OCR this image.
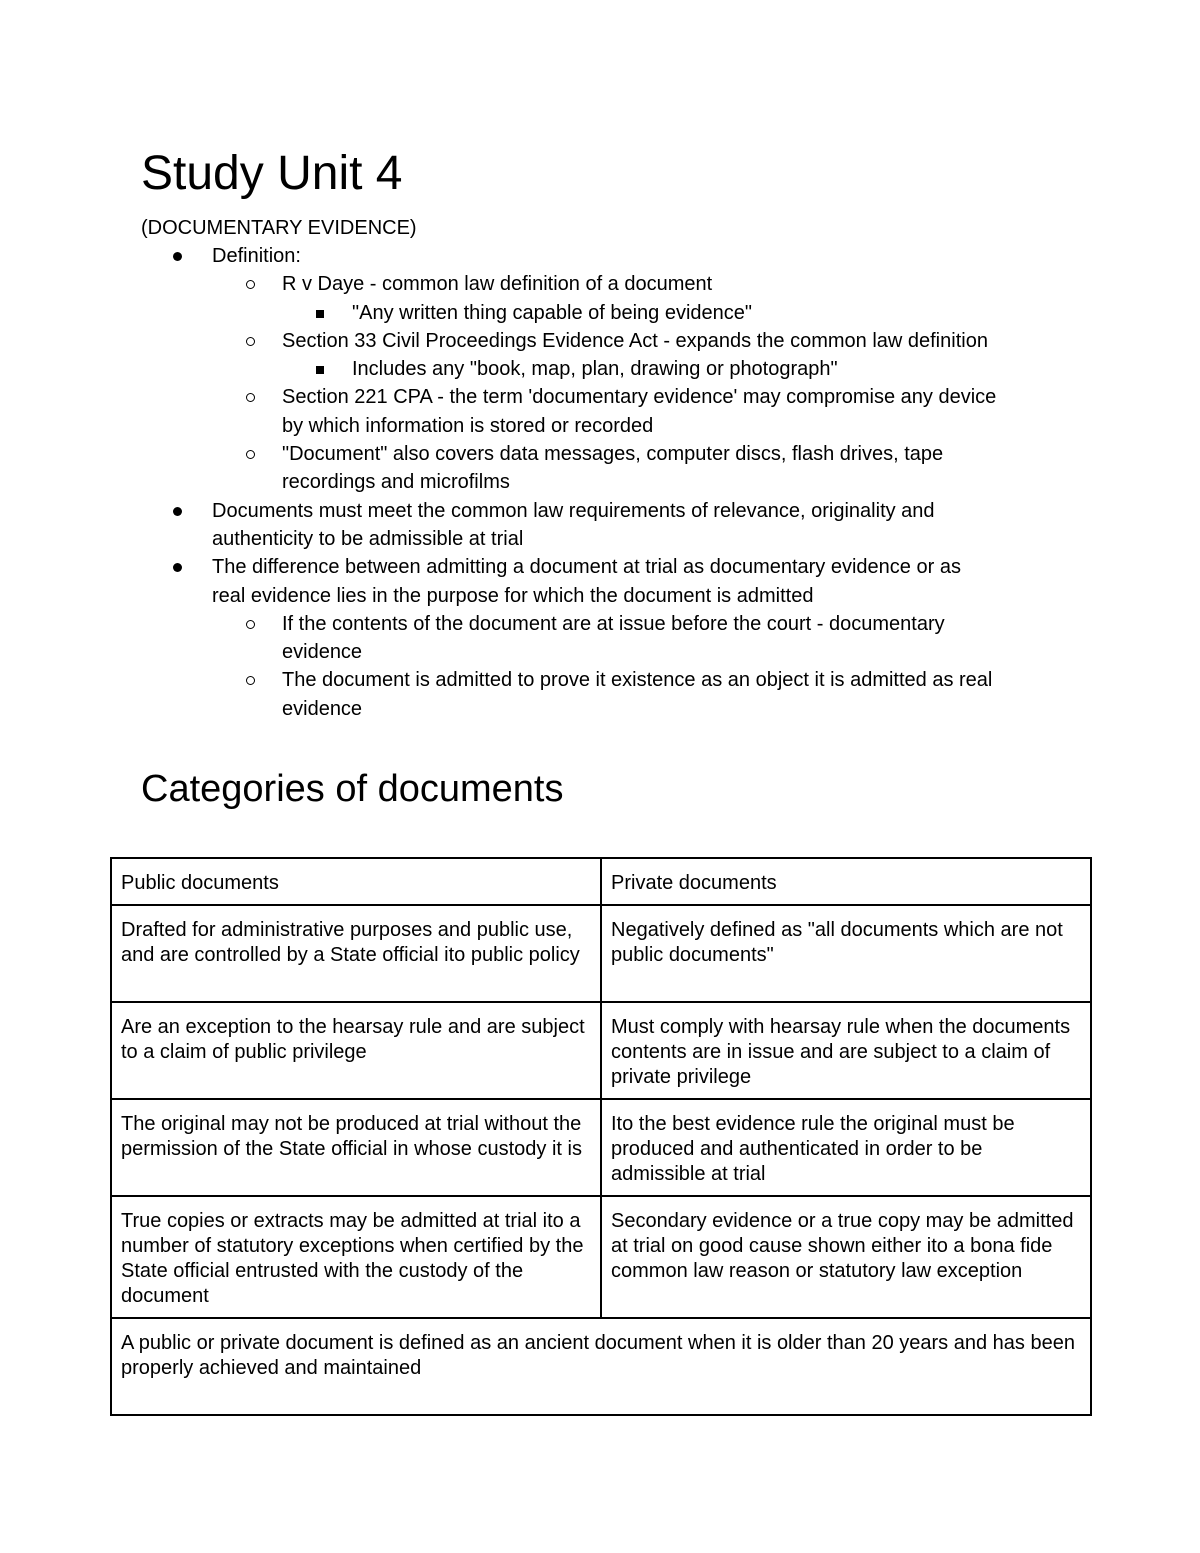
Study Unit 4
(DOCUMENTARY EVIDENCE)
Definition:
R v Daye - common law definition of a document
"Any written thing capable of being evidence"
Section 33 Civil Proceedings Evidence Act - expands the common law definition
Includes any "book, map, plan, drawing or photograph"
Section 221 CPA - the term 'documentary evidence' may compromise any device
by which information is stored or recorded
"Document" also covers data messages, computer discs, flash drives, tape
recordings and microfilms
Documents must meet the common law requirements of relevance, originality and
authenticity to be admissible at trial
The difference between admitting a document at trial as documentary evidence or as
real evidence lies in the purpose for which the document is admitted
If the contents of the document are at issue before the court - documentary
evidence
The document is admitted to prove it existence as an object it is admitted as real
evidence
Categories of documents
Public documents	Private documents
Drafted for administrative purposes and public use, and are controlled by a State official ito public policy	Negatively defined as "all documents which are not public documents"
Are an exception to the hearsay rule and are subject to a claim of public privilege	Must comply with hearsay rule when the documents contents are in issue and are subject to a claim of private privilege
The original may not be produced at trial without the permission of the State official in whose custody it is	Ito the best evidence rule the original must be produced and authenticated in order to be admissible at trial
True copies or extracts may be admitted at trial ito a number of statutory exceptions when certified by the State official entrusted with the custody of the document	Secondary evidence or a true copy may be admitted at trial on good cause shown either ito a bona fide common law reason or statutory law exception
A public or private document is defined as an ancient document when it is older than 20 years and has been properly achieved and maintained	
